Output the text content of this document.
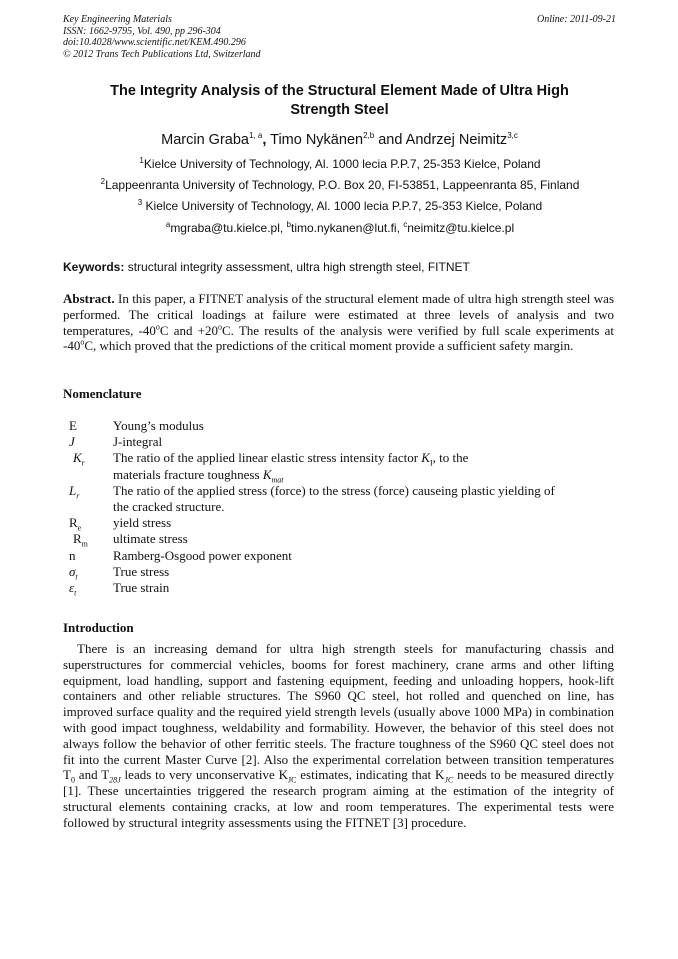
Key Engineering Materials
ISSN: 1662-9795, Vol. 490, pp 296-304
doi:10.4028/www.scientific.net/KEM.490.296
© 2012 Trans Tech Publications Ltd, Switzerland
Online: 2011-09-21
The Integrity Analysis of the Structural Element Made of Ultra High
Strength Steel
Marcin Graba$^{1, a}$, Timo Nykänen$^{2,b}$ and Andrzej Neimitz$^{3,c}$
$^1$Kielce University of Technology, Al. 1000 lecia P.P.7, 25-353 Kielce, Poland
$^2$Lappeenranta University of Technology, P.O. Box 20, FI-53851, Lappeenranta 85, Finland
$^3$ Kielce University of Technology, Al. 1000 lecia P.P.7, 25-353 Kielce, Poland
$^a$mgraba@tu.kielce.pl, $^b$timo.nykanen@lut.fi, $^c$neimitz@tu.kielce.pl
Keywords: structural integrity assessment, ultra high strength steel, FITNET
Abstract. In this paper, a FITNET analysis of the structural element made of ultra high strength steel was performed. The critical loadings at failure were estimated at three levels of analysis and two temperatures, -40$^o$C and $+20^oC$. The results of the analysis were verified by full scale experiments at -40$^o$C, which proved that the predictions of the critical moment provide a sufficient safety margin.
Nomenclature
E	Young’s modulus
J	J-integral
$K_r$	The ratio of the applied linear elastic stress intensity factor $K_I$, to the
materials fracture toughness $K_{mat}$
$L_r$	The ratio of the applied stress (force) to the stress (force) causeing plastic yielding of
the cracked structure.
$R_e$	yield stress
$R_m$	ultimate stress
n	Ramberg-Osgood power exponent
$\sigma_t$	True stress
$\varepsilon_t$	True strain
Introduction
There is an increasing demand for ultra high strength steels for manufacturing chassis and superstructures for commercial vehicles, booms for forest machinery, crane arms and other lifting equipment, load handling, support and fastening equipment, feeding and unloading hoppers, hook-lift containers and other reliable structures. The S960 QC steel, hot rolled and quenched on line, has improved surface quality and the required yield strength levels (usually above 1000 MPa) in combination with good impact toughness, weldability and formability. However, the behavior of this steel does not always follow the behavior of other ferritic steels. The fracture toughness of the S960 QC steel does not fit into the current Master Curve [2]. Also the experimental correlation between transition temperatures $T_0$ and $T_{28J}$ leads to very unconservative $K_{JC}$ estimates, indicating that $K_{JC}$ needs to be measured directly [1]. These uncertainties triggered the research program aiming at the estimation of the integrity of structural elements containing cracks, at low and room temperatures. The experimental tests were followed by structural integrity assessments using the FITNET [3] procedure.
